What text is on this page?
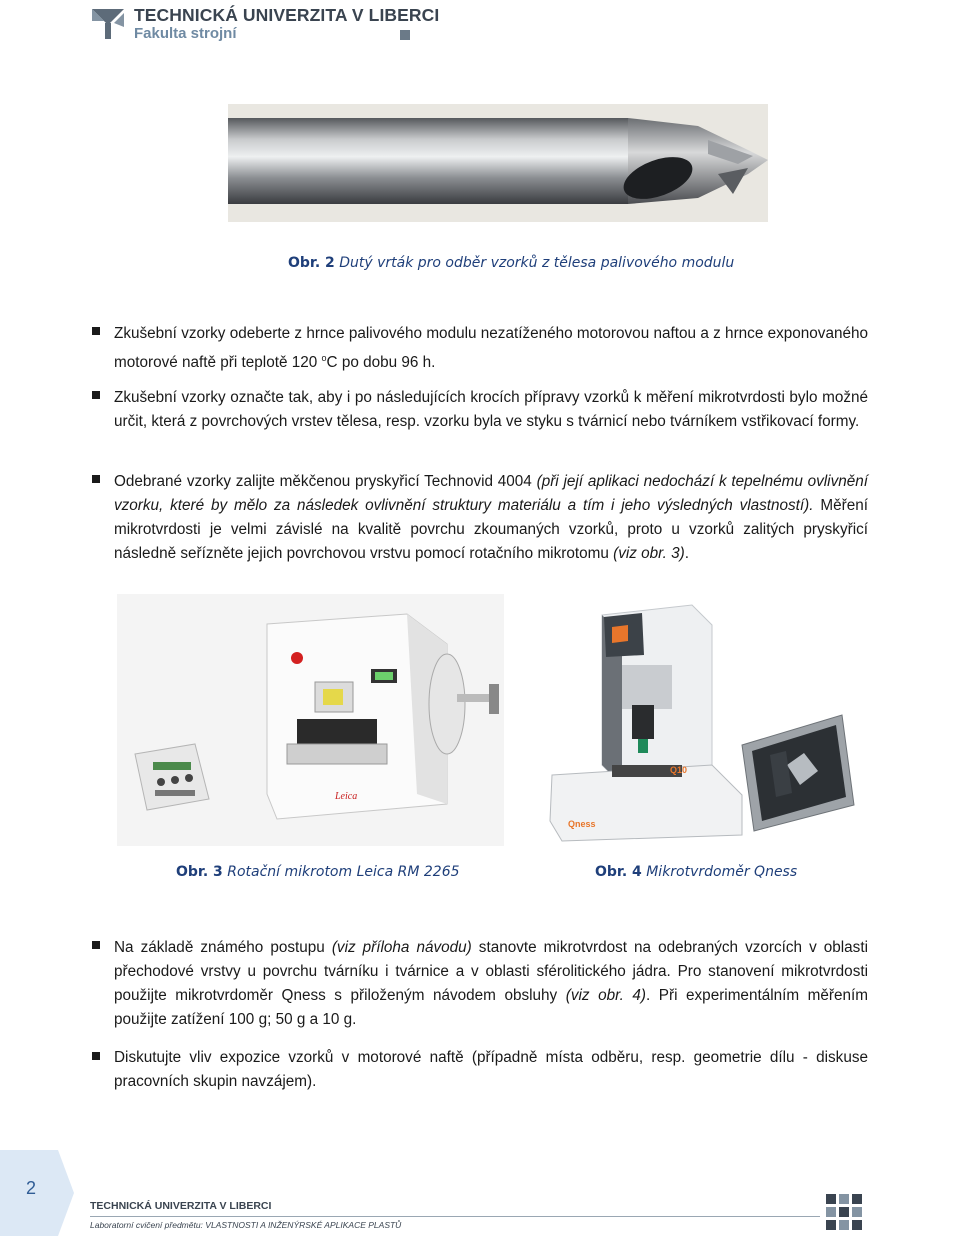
TECHNICKÁ UNIVERZITA V LIBERCI
Fakulta strojní
Obr. 2 Dutý vrták pro odběr vzorků z tělesa palivového modulu
Zkušební vzorky odeberte z hrnce palivového modulu nezatíženého motorovou naftou a z hrnce exponovaného motorové naftě při teplotě 120 $^o$C po dobu 96 h.
Zkušební vzorky označte tak, aby i po následujících krocích přípravy vzorků k měření mikrotvrdosti bylo možné určit, která z povrchových vrstev tělesa, resp. vzorku byla ve styku s tvárnicí nebo tvárníkem vstřikovací formy.
Odebrané vzorky zalijte měkčenou pryskyřicí Technovid 4004 (při její aplikaci nedochází k tepelnému ovlivnění vzorku, které by mělo za následek ovlivnění struktury materiálu a tím i jeho výsledných vlastností). Měření mikrotvrdosti je velmi závislé na kvalitě povrchu zkoumaných vzorků, proto u vzorků zalitých pryskyřicí následně seřízněte jejich povrchovou vrstvu pomocí rotačního mikrotomu (viz obr. 3).
Leica
Qness
Q10
Obr. 3 Rotační mikrotom Leica RM 2265	Obr. 4 Mikrotvrdoměr Qness
Na základě známého postupu (viz příloha návodu) stanovte mikrotvrdost na odebraných vzorcích v oblasti přechodové vrstvy u povrchu tvárníku i tvárnice a v oblasti sférolitického jádra. Pro stanovení mikrotvrdosti použijte mikrotvrdoměr Qness s přiloženým návodem obsluhy (viz obr. 4). Při experimentálním měřením použijte zatížení 100 g; 50 g a 10 g.
Diskutujte vliv expozice vzorků v motorové naftě (případně místa odběru, resp. geometrie dílu - diskuse pracovních skupin navzájem).
2
TECHNICKÁ UNIVERZITA V LIBERCI
Laboratorní cvičení předmětu: VLASTNOSTI A INŽENÝRSKÉ APLIKACE PLASTŮ
